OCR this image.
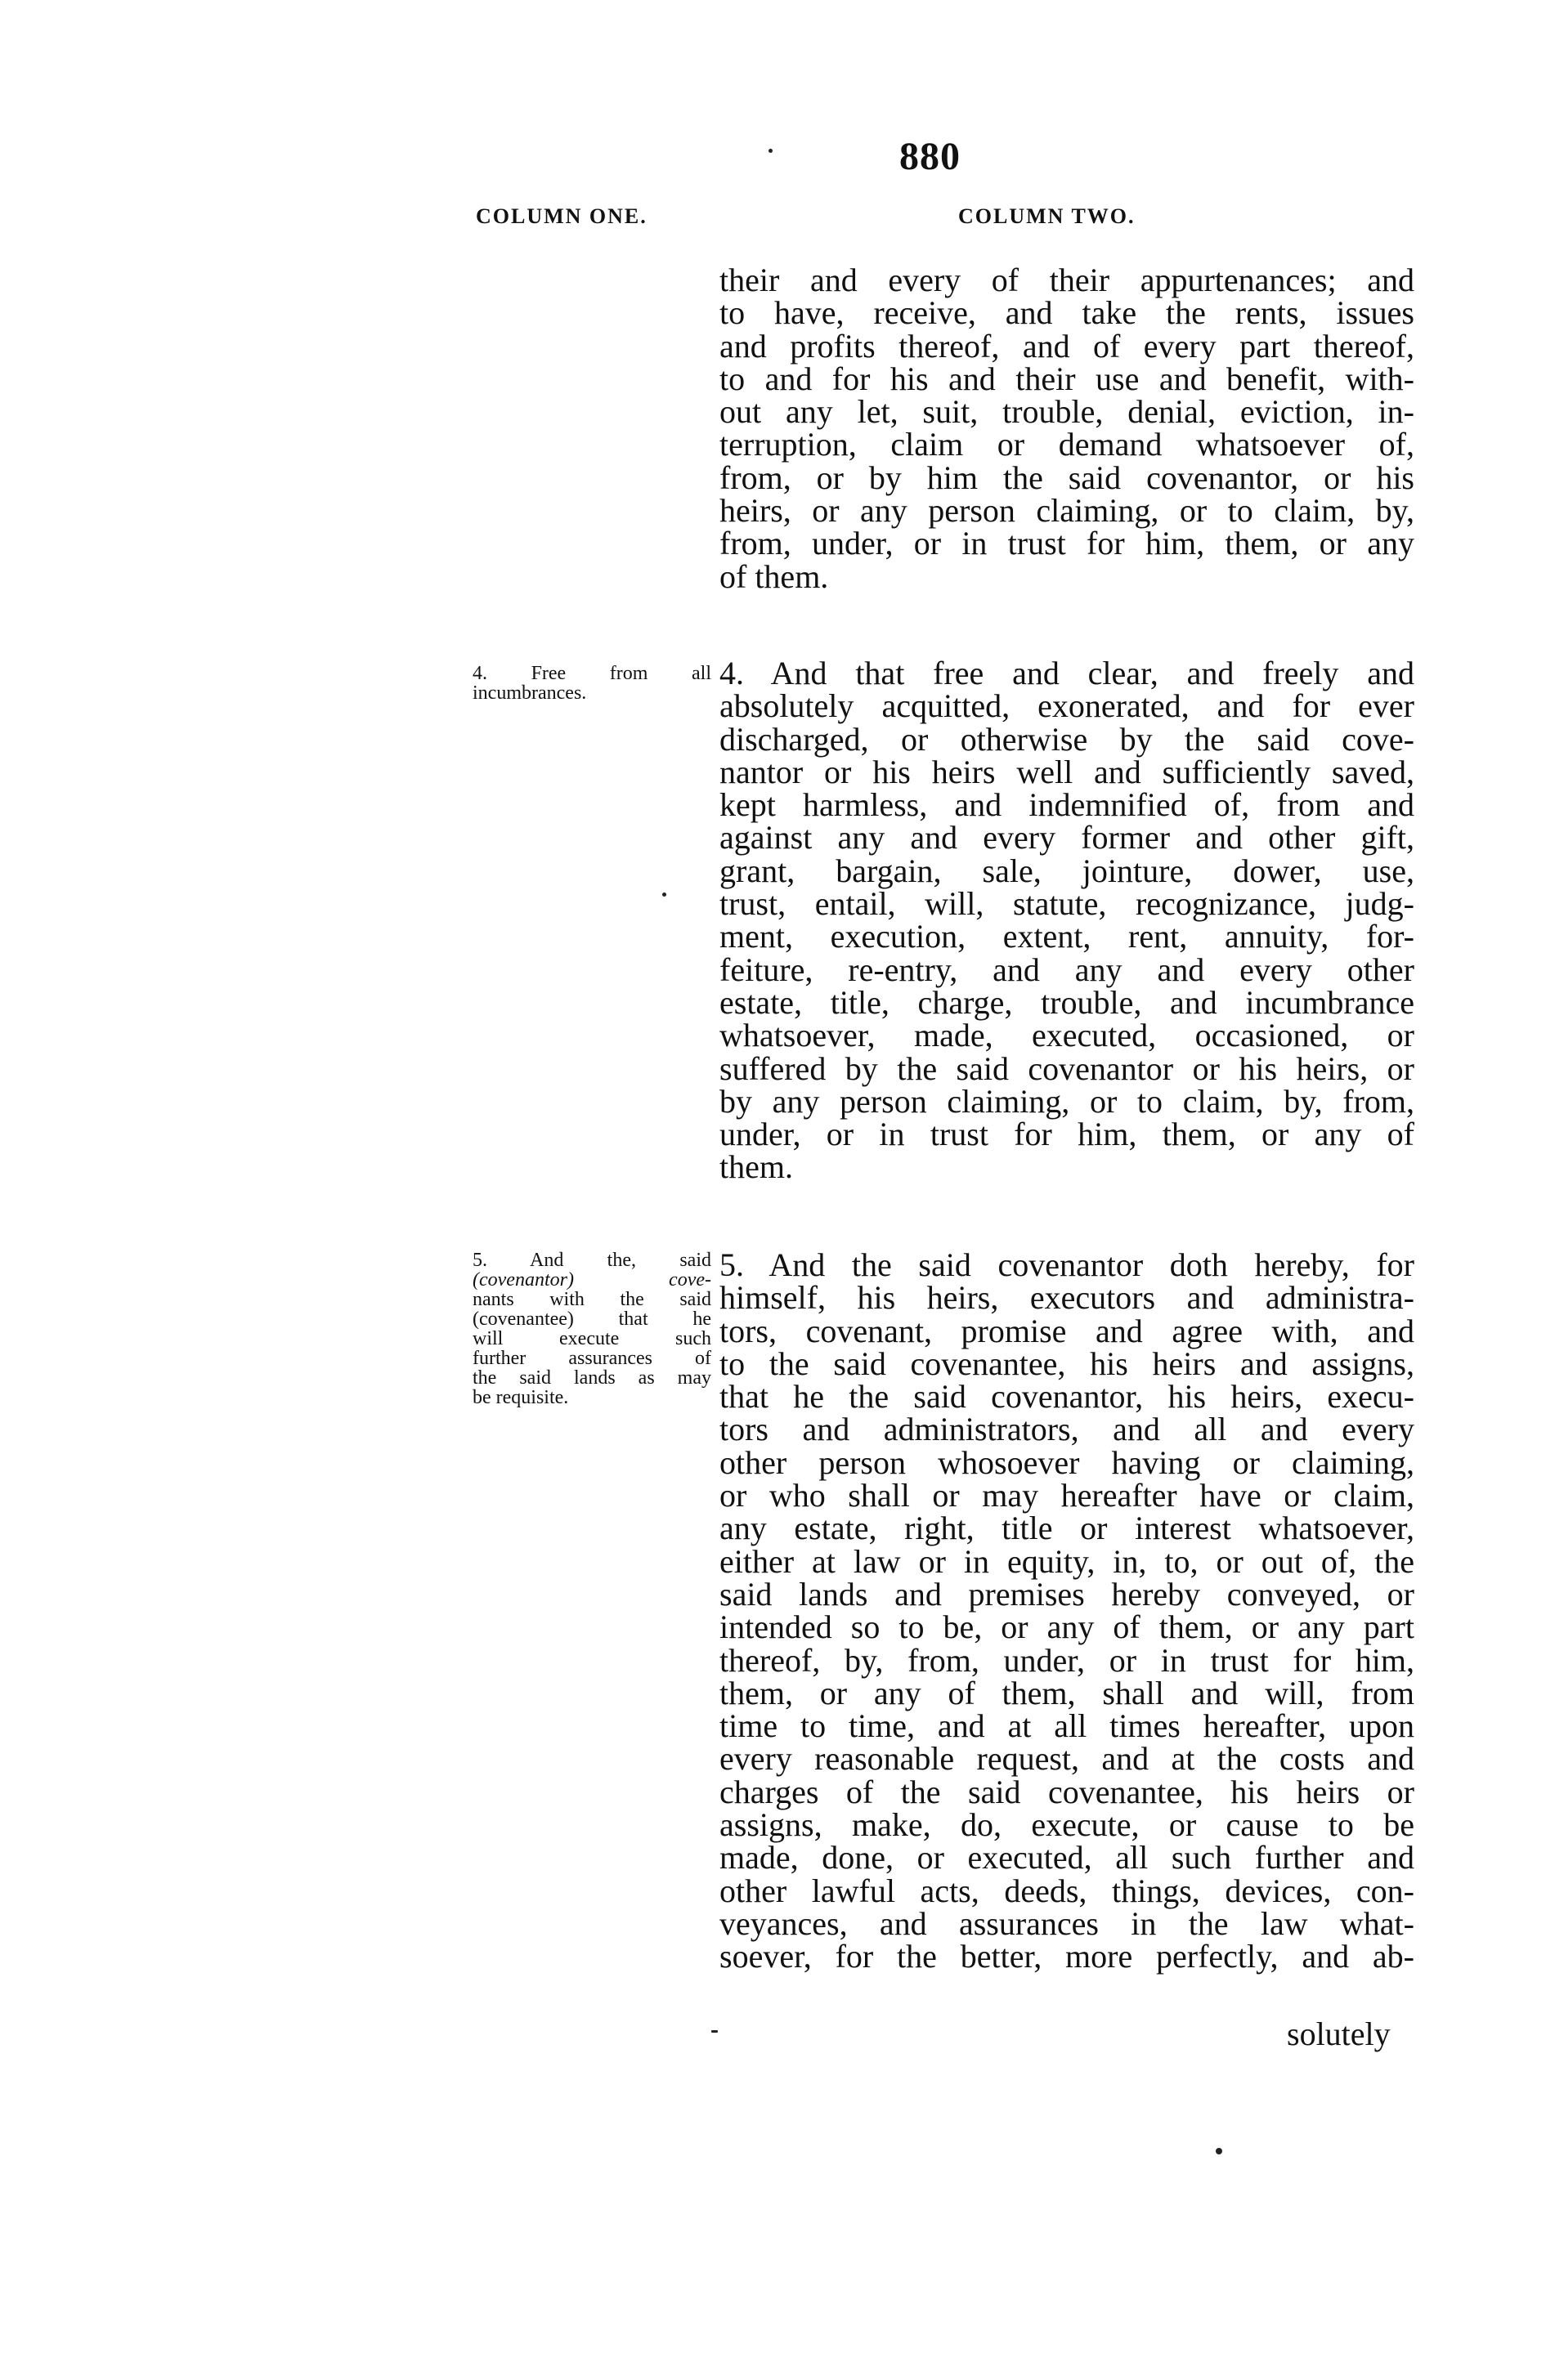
880
COLUMN ONE.	COLUMN TWO.
their and every of their appurtenances; and
to have, receive, and take the rents, issues
and profits thereof, and of every part thereof,
to and for his and their use and benefit, with-
out any let, suit, trouble, denial, eviction, in-
terruption, claim or demand whatsoever of,
from, or by him the said covenantor, or his
heirs, or any person claiming, or to claim, by,
from, under, or in trust for him, them, or any
of them.
4. Free from all
incumbrances.
4. And that free and clear, and freely and
absolutely acquitted, exonerated, and for ever
discharged, or otherwise by the said cove-
nantor or his heirs well and sufficiently saved,
kept harmless, and indemnified of, from and
against any and every former and other gift,
grant, bargain, sale, jointure, dower, use,
trust, entail, will, statute, recognizance, judg-
ment, execution, extent, rent, annuity, for-
feiture, re-entry, and any and every other
estate, title, charge, trouble, and incumbrance
whatsoever, made, executed, occasioned, or
suffered by the said covenantor or his heirs, or
by any person claiming, or to claim, by, from,
under, or in trust for him, them, or any of
them.
5. And the, said
(covenantor) cove-
nants with the said
(covenantee) that he
will execute such
further assurances of
the said lands as may
be requisite.
5. And the said covenantor doth hereby, for
himself, his heirs, executors and administra-
tors, covenant, promise and agree with, and
to the said covenantee, his heirs and assigns,
that he the said covenantor, his heirs, execu-
tors and administrators, and all and every
other person whosoever having or claiming,
or who shall or may hereafter have or claim,
any estate, right, title or interest whatsoever,
either at law or in equity, in, to, or out of, the
said lands and premises hereby conveyed, or
intended so to be, or any of them, or any part
thereof, by, from, under, or in trust for him,
them, or any of them, shall and will, from
time to time, and at all times hereafter, upon
every reasonable request, and at the costs and
charges of the said covenantee, his heirs or
assigns, make, do, execute, or cause to be
made, done, or executed, all such further and
other lawful acts, deeds, things, devices, con-
veyances, and assurances in the law what-
soever, for the better, more perfectly, and ab-
solutely
